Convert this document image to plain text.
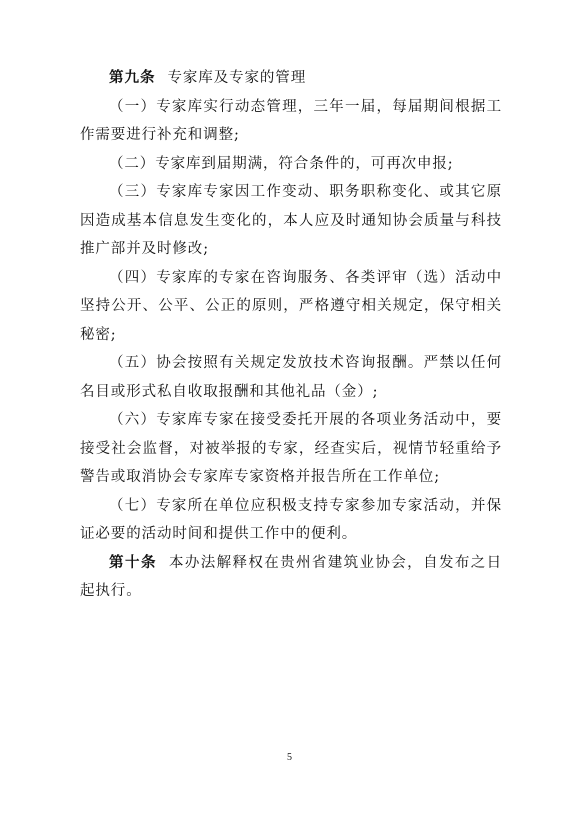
第九条 专家库及专家的管理

（一）专家库实行动态管理，三年一届，每届期间根据工作需要进行补充和调整;

（二）专家库到届期满，符合条件的，可再次申报;

（三）专家库专家因工作变动、职务职称变化、或其它原因造成基本信息发生变化的，本人应及时通知协会质量与科技推广部并及时修改;

（四）专家库的专家在咨询服务、各类评审（选）活动中坚持公开、公平、公正的原则，严格遵守相关规定，保守相关秘密;

（五）协会按照有关规定发放技术咨询报酬。严禁以任何名目或形式私自收取报酬和其他礼品（金）;

（六）专家库专家在接受委托开展的各项业务活动中，要接受社会监督，对被举报的专家，经查实后，视情节轻重给予警告或取消协会专家库专家资格并报告所在工作单位;

（七）专家所在单位应积极支持专家参加专家活动，并保证必要的活动时间和提供工作中的便利。

第十条 本办法解释权在贵州省建筑业协会，自发布之日起执行。

5
